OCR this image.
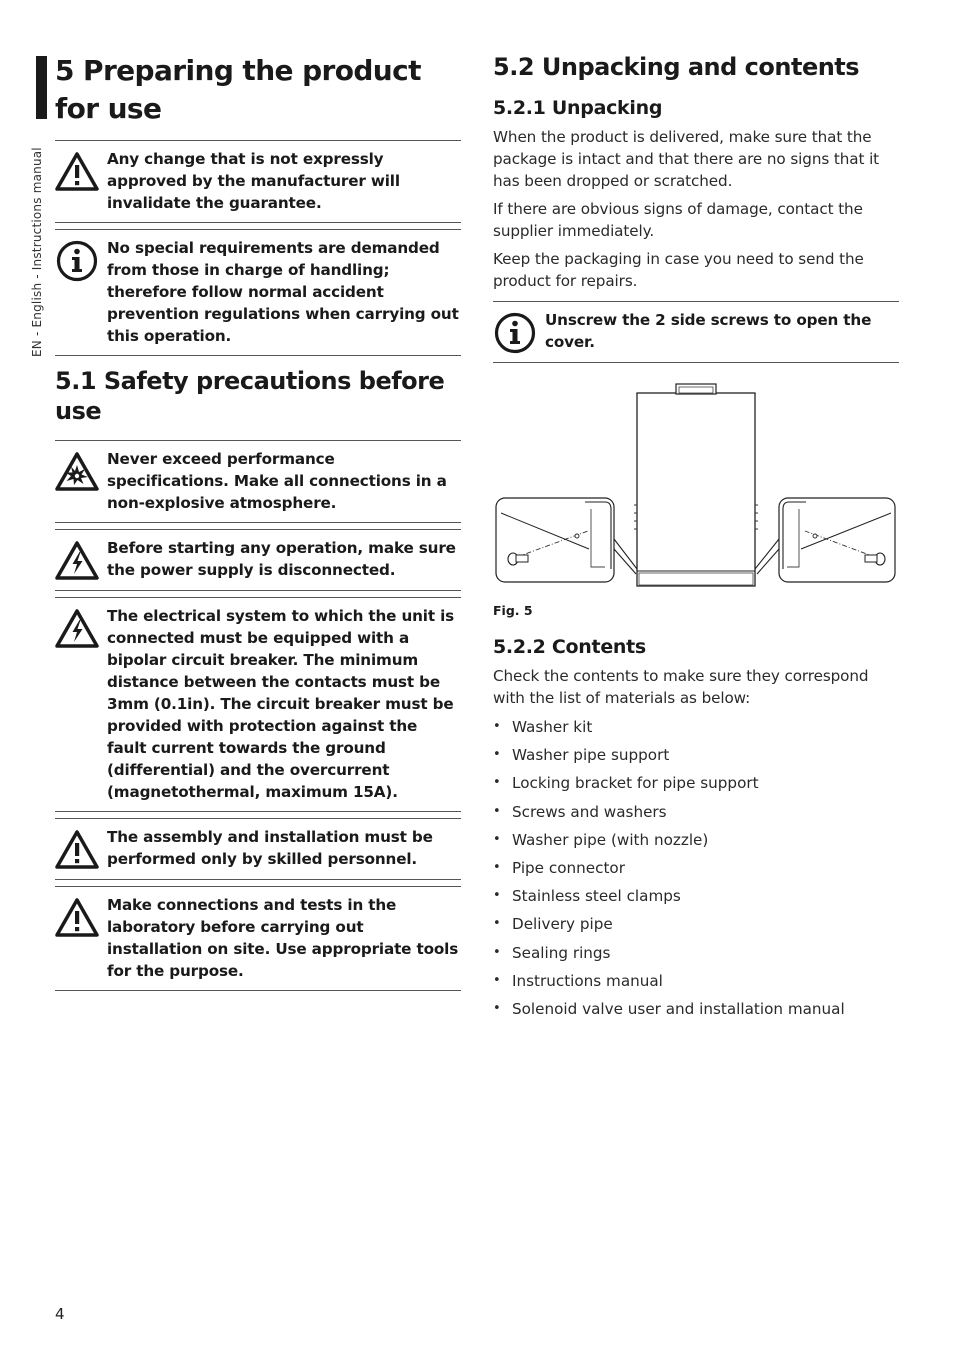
EN - English - Instructions manual
4
5 Preparing the product for use
Any change that is not expressly approved by the manufacturer will invalidate the guarantee.
No special requirements are demanded from those in charge of handling; therefore follow normal accident prevention regulations when carrying out this operation.
5.1 Safety precautions before use
Never exceed performance specifications. Make all connections in a non-explosive atmosphere.
Before starting any operation, make sure the power supply is disconnected.
The electrical system to which the unit is connected must be equipped with a bipolar circuit breaker. The minimum distance between the contacts must be 3mm (0.1in). The circuit breaker must be provided with protection against the fault current towards the ground (differential) and the overcurrent (magnetothermal, maximum 15A).
The assembly and installation must be performed only by skilled personnel.
Make connections and tests in the laboratory before carrying out installation on site. Use appropriate tools for the purpose.
5.2 Unpacking and contents
5.2.1 Unpacking

When the product is delivered, make sure that the package is intact and that there are no signs that it has been dropped or scratched.

If there are obvious signs of damage, contact the supplier immediately.

Keep the packaging in case you need to send the product for repairs.

Unscrew the 2 side screws to open the cover.
Fig. 5
5.2.2 Contents

Check the contents to make sure they correspond with the list of materials as below:

• Washer kit
• Washer pipe support
• Locking bracket for pipe support
• Screws and washers
• Washer pipe (with nozzle)
• Pipe connector
• Stainless steel clamps
• Delivery pipe
• Sealing rings
• Instructions manual
• Solenoid valve user and installation manual
